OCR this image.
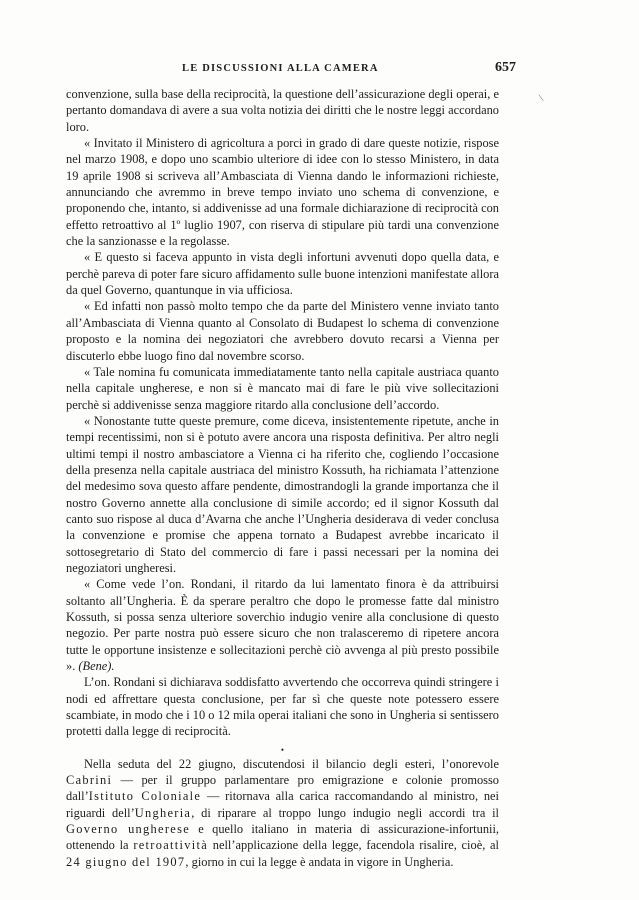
LE DISCUSSIONI ALLA CAMERA	657
/

convenzione, sulla base della reciprocità, la questione dell’assicurazione degli operai, e pertanto domandava di avere a sua volta notizia dei diritti che le nostre leggi accordano loro.

« Invitato il Ministero di agricoltura a porci in grado di dare queste notizie, rispose nel marzo 1908, e dopo uno scambio ulteriore di idee con lo stesso Ministero, in data 19 aprile 1908 si scriveva all’Ambasciata di Vienna dando le informazioni richieste, annunciando che avremmo in breve tempo inviato uno schema di convenzione, e proponendo che, intanto, si addivenisse ad una formale dichiarazione di reciprocità con effetto retroattivo al 1º luglio 1907, con riserva di stipulare più tardi una convenzione che la sanzionasse e la regolasse.

« E questo si faceva appunto in vista degli infortuni avvenuti dopo quella data, e perchè pareva di poter fare sicuro affidamento sulle buone intenzioni manifestate allora da quel Governo, quantunque in via ufficiosa.

« Ed infatti non passò molto tempo che da parte del Ministero venne inviato tanto all’Ambasciata di Vienna quanto al Consolato di Budapest lo schema di convenzione proposto e la nomina dei negoziatori che avrebbero dovuto recarsi a Vienna per discuterlo ebbe luogo fino dal novembre scorso.

« Tale nomina fu comunicata immediatamente tanto nella capitale austriaca quanto nella capitale ungherese, e non si è mancato mai di fare le più vive sollecitazioni perchè si addivenisse senza maggiore ritardo alla conclusione dell’accordo.

« Nonostante tutte queste premure, come diceva, insistentemente ripetute, anche in tempi recentissimi, non si è potuto avere ancora una risposta definitiva. Per altro negli ultimi tempi il nostro ambasciatore a Vienna ci ha riferito che, cogliendo l’occasione della presenza nella capitale austriaca del ministro Kossuth, ha richiamata l’attenzione del medesimo sova questo affare pendente, dimostrandogli la grande importanza che il nostro Governo annette alla conclusione di simile accordo; ed il signor Kossuth dal canto suo rispose al duca d’Avarna che anche l’Ungheria desiderava di veder conclusa la convenzione e promise che appena tornato a Budapest avrebbe incaricato il sottosegretario di Stato del commercio di fare i passi necessari per la nomina dei negoziatori ungheresi.

« Come vede l’on. Rondani, il ritardo da lui lamentato finora è da attribuirsi soltanto all’Ungheria. È da sperare peraltro che dopo le promesse fatte dal ministro Kossuth, si possa senza ulteriore soverchio indugio venire alla conclusione di questo negozio. Per parte nostra può essere sicuro che non tralasceremo di ripetere ancora tutte le opportune insistenze e sollecitazioni perchè ciò avvenga al più presto possibile ». (Bene).

L’on. Rondani si dichiarava soddisfatto avvertendo che occorreva quindi stringere i nodi ed affrettare questa conclusione, per far sì che queste note potessero essere scambiate, in modo che i 10 o 12 mila operai italiani che sono in Ungheria si sentissero protetti dalla legge di reciprocità.

•

Nella seduta del 22 giugno, discutendosi il bilancio degli esteri, l’onorevole Cabrini — per il gruppo parlamentare pro emigrazione e colonie promosso dall’Istituto Coloniale — ritornava alla carica raccomandando al ministro, nei riguardi dell’Ungheria, di riparare al troppo lungo indugio negli accordi tra il Governo ungherese e quello italiano in materia di assicurazione-infortunii, ottenendo la retroattività nell’applicazione della legge, facendola risalire, cioè, al 24 giugno del 1907, giorno in cui la legge è andata in vigore in Ungheria.
